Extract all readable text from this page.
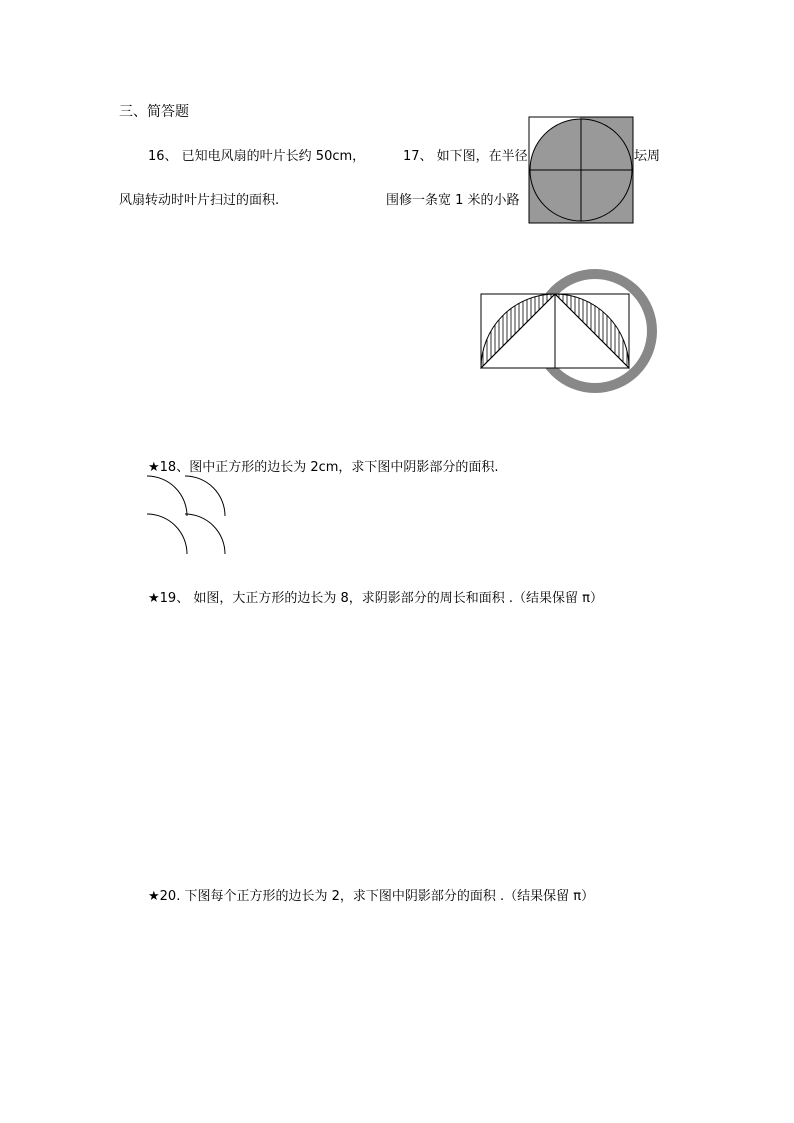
三、简答题
16、 已知电风扇的叶片长约 50cm，
风扇转动时叶片扫过的面积.
17、 如下图，在半径	坛周
围修一条宽 1 米的小路
★18、图中正方形的边长为 2cm，求下图中阴影部分的面积.
★19、 如图，大正方形的边长为 8，求阴影部分的周长和面积 .（结果保留 π）
★20. 下图每个正方形的边长为 2，求下图中阴影部分的面积 .（结果保留 π）
